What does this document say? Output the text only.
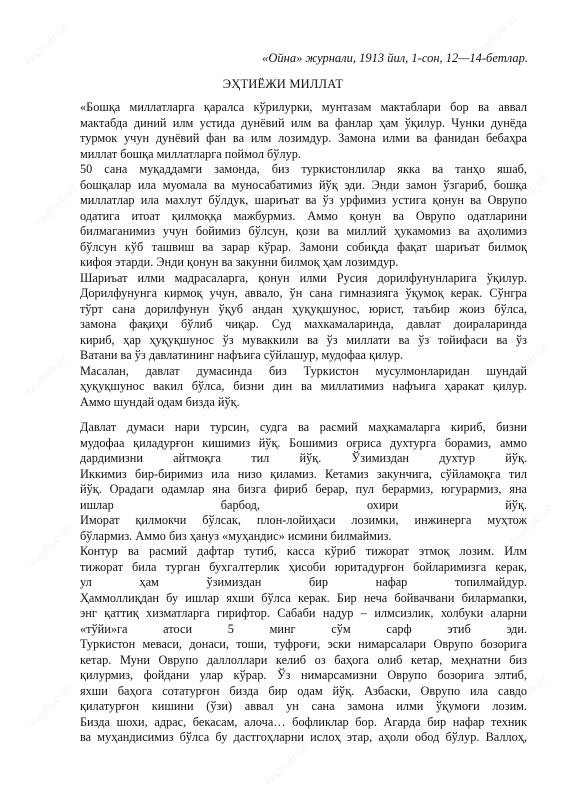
«Ойна» журнали, 1913 йил, 1-сон, 12—14-бетлар.
ЭҲТИЁЖИ МИЛЛАТ
«Бошқа миллатларга қаралса кўрилурки, мунтазам мактаблари бор ва аввал
мактабда диний илм устида дунёвий илм ва фанлар ҳам ўқилур. Чунки дунёда
турмок учун дунёвий фан ва илм лозимдур. Замона илми ва фанидан бебаҳра
миллат бошқа миллатларга поймол бўлур.
50 сана муқаддамги замонда, биз туркистонлилар якка ва танҳо яшаб,
бошқалар ила муомала ва муносабатимиз йўқ эди. Энди замон ўзгариб, бошқа
миллатлар ила махлут бўлдук, шариъат ва ўз урфимиз устига қонун ва Оврупо
одатига итоат қилмоққа мажбурмиз. Аммо қонун ва Оврупо одатларини
билмаганимиз учун бойимиз бўлсун, қози ва миллий ҳукамомиз ва аҳолимиз
бўлсун кўб ташвиш ва зарар кўрар. Замони собиқда фақат шариъат билмоқ
кифоя этарди. Энди қонун ва закунни билмоқ ҳам лозимдур.
Шариъат илми мадрасаларга, қонун илми Русия дорилфунунларига ўқилур.
Дорилфунунга кирмоқ учун, аввало, ўн сана гимназияга ўқумоқ керак. Сўнгра
тўрт сана дорилфунун ўқуб андан ҳуқуқшунос, юрист, таъбир жоиз бўлса,
замона фақиҳи бўлиб чиқар. Суд махкамаларинда, давлат доираларинда
кириб, ҳар ҳуқуқшунос ўз муваккили ва ўз миллати ва ўз тойифаси ва ўз
Ватани ва ўз давлатининг нафъига сўйлашур, мудофаа қилур.
Масалан, давлат думасинда биз Туркистон мусулмонларидан шундай
ҳуқуқшунос вакил бўлса, бизни дин ва миллатимиз нафъига ҳаракат қилур.
Аммо шундай одам бизда йўқ.
Давлат думаси нари турсин, судга ва расмий маҳкамаларга кириб, бизни
мудофаа қиладурғон кишимиз йўқ. Бошимиз оғриса духтурга борамиз, аммо
дардимизни айтмоқга тил йўқ. Ўзимиздан духтур йўқ.
Иккимиз бир-биримиз ила низо қиламиз. Кетамиз закунчига, сўйламоқга тил
йўқ. Орадаги одамлар яна бизга фириб берар, пул берармиз, югурармиз, яна
ишлар барбод, охири йўқ.
Иморат қилмокчи бўлсак, плон-лойиҳаси лозимки, инжинерга муҳтож
бўлармиз. Аммо биз ҳануз «муҳандис» исмини билмаймиз.
Контур ва расмий дафтар тутиб, касса кўриб тижорат этмоқ лозим. Илм
тижорат била турган бухгалтерлик ҳисоби юритадурғон бойларимизга керак,
ул ҳам ўзимиздан бир нафар топилмайдур.
Ҳаммоллиқдан бу ишлар яхши бўлса керак. Бир неча бойвачвани билармanки,
энг қаттиқ хизматларга гирифтор. Сабаби надур – илмсизлик, холбуки аларни
«тўйи»га атоси 5 минг сўм сарф этиб эди.
Туркистон меваси, донаси, тоши, туфроғи, эски нимарсалари Оврупо бозорига
кетар. Муни Оврупо даллоллари келиб оз баҳога олиб кетар, меҳнатни биз
қилурмиз, фойдани улар кўрар. Ўз нимарсамизни Оврупо бозорига элтиб,
яхши баҳога сотатурғон бизда бир одам йўқ. Азбаски, Оврупо ила савдо
қилатурғон кишини (ўзи) аввал ун сана замона илми ўқумоғи лозим.
Бизда шохи, адрас, бекасам, алоча… бофликлар бор. Агарда бир нафар техник
ва муҳандисимиз бўлса бу дастгоҳларни ислоҳ этар, аҳоли обод бўлур. Валлоҳ,
Faylhub.uz	Faylhub.uz
Faylhub.uz	Faylhub.uz
Faylhub.uz	Faylhub.uz
Faylhub.uz	Faylhub.uz
Faylhub.uz	Faylhub.uz
Faylhub.uz
